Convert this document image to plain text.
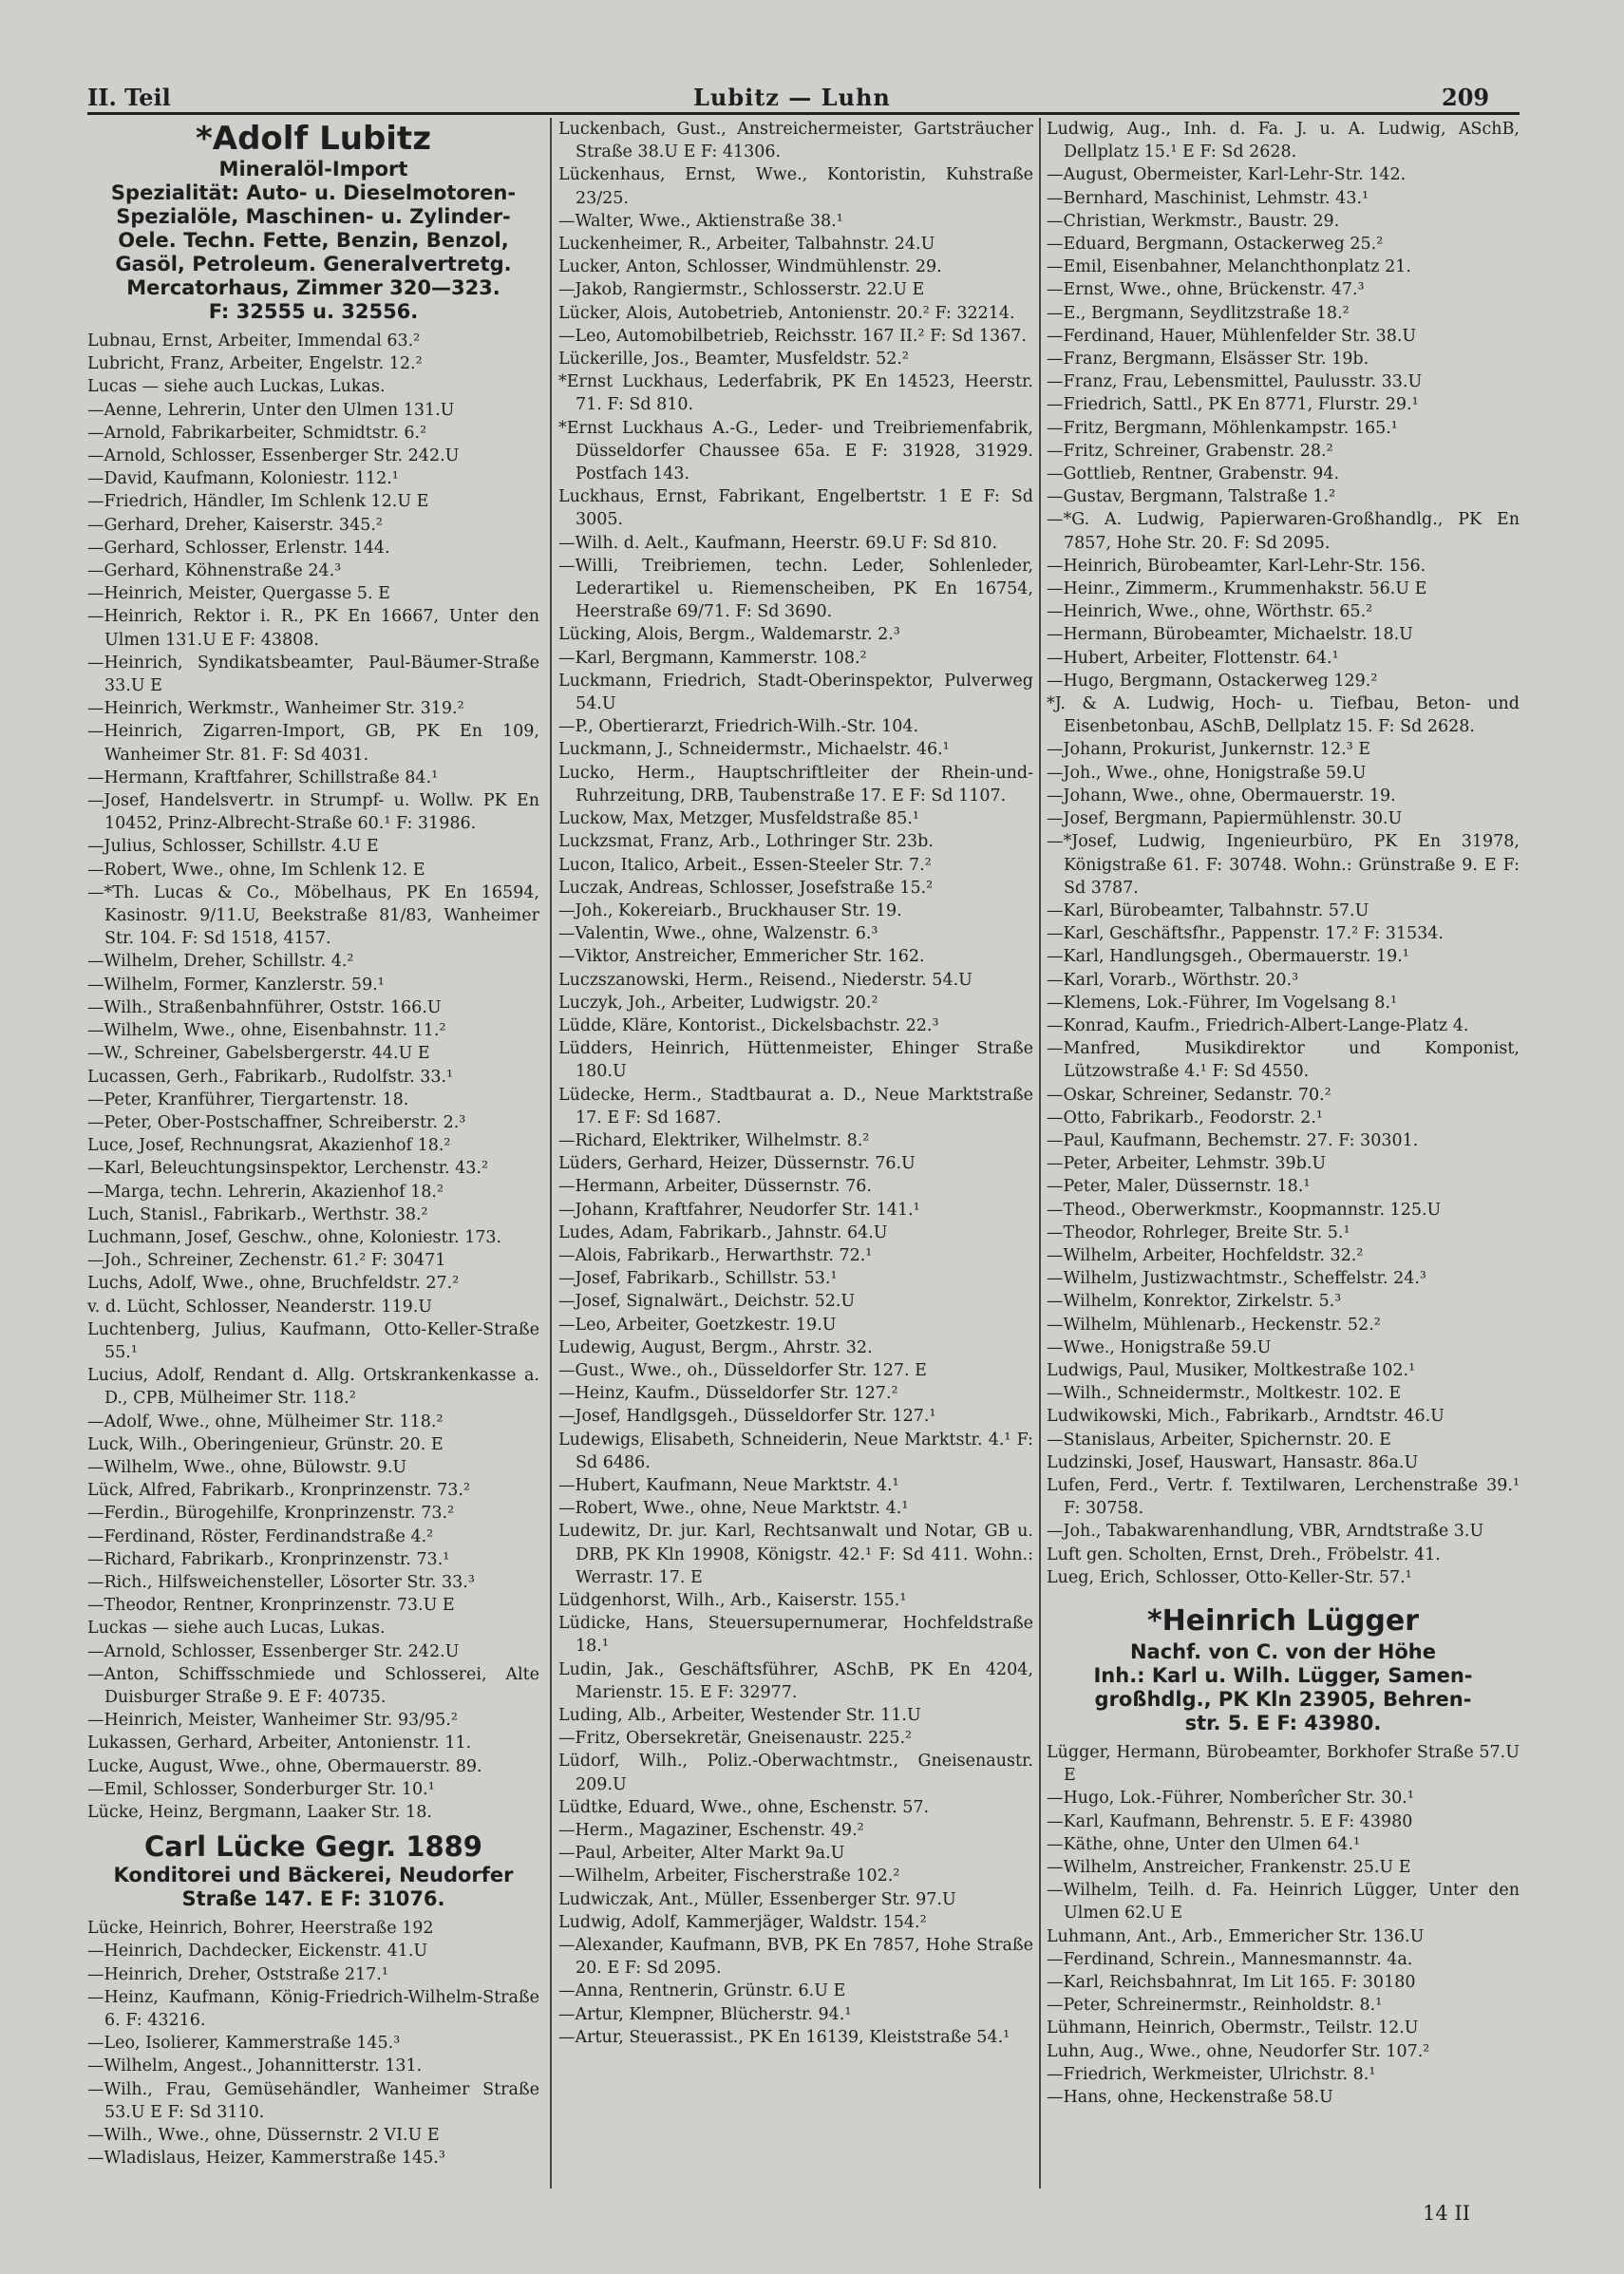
II. Teil	Lubitz — Luhn	209
*Adolf Lubitz
Mineralöl-Import
Spezialität: Auto- u. Dieselmotoren-
Spezialöle, Maschinen- u. Zylinder-
Oele. Techn. Fette, Benzin, Benzol,
Gasöl, Petroleum. Generalvertretg.
Mercatorhaus, Zimmer 320—323.
F: 32555 u. 32556.

Lubnau, Ernst, Arbeiter, Immendal 63.²

Lubricht, Franz, Arbeiter, Engelstr. 12.²

Lucas — siehe auch Luckas, Lukas.

—Aenne, Lehrerin, Unter den Ulmen 131.U

—Arnold, Fabrikarbeiter, Schmidtstr. 6.²

—Arnold, Schlosser, Essenberger Str. 242.U

—David, Kaufmann, Koloniestr. 112.¹

—Friedrich, Händler, Im Schlenk 12.U E

—Gerhard, Dreher, Kaiserstr. 345.²

—Gerhard, Schlosser, Erlenstr. 144.

—Gerhard, Köhnenstraße 24.³

—Heinrich, Meister, Quergasse 5. E

—Heinrich, Rektor i. R., PK En 16667, Unter den Ulmen 131.U E F: 43808.

—Heinrich, Syndikatsbeamter, Paul-Bäumer-Straße 33.U E

—Heinrich, Werkmstr., Wanheimer Str. 319.²

—Heinrich, Zigarren-Import, GB, PK En 109, Wanheimer Str. 81. F: Sd 4031.

—Hermann, Kraftfahrer, Schillstraße 84.¹

—Josef, Handelsvertr. in Strumpf- u. Wollw. PK En 10452, Prinz-Albrecht-Straße 60.¹ F: 31986.

—Julius, Schlosser, Schillstr. 4.U E

—Robert, Wwe., ohne, Im Schlenk 12. E

—*Th. Lucas & Co., Möbelhaus, PK En 16594, Kasinostr. 9/11.U, Beekstraße 81/83, Wanheimer Str. 104. F: Sd 1518, 4157.

—Wilhelm, Dreher, Schillstr. 4.²

—Wilhelm, Former, Kanzlerstr. 59.¹

—Wilh., Straßenbahnführer, Oststr. 166.U

—Wilhelm, Wwe., ohne, Eisenbahnstr. 11.²

—W., Schreiner, Gabelsbergerstr. 44.U E

Lucassen, Gerh., Fabrikarb., Rudolfstr. 33.¹

—Peter, Kranführer, Tiergartenstr. 18.

—Peter, Ober-Postschaffner, Schreiberstr. 2.³

Luce, Josef, Rechnungsrat, Akazienhof 18.²

—Karl, Beleuchtungsinspektor, Lerchenstr. 43.²

—Marga, techn. Lehrerin, Akazienhof 18.²

Luch, Stanisl., Fabrikarb., Werthstr. 38.²

Luchmann, Josef, Geschw., ohne, Koloniestr. 173.

—Joh., Schreiner, Zechenstr. 61.² F: 30471

Luchs, Adolf, Wwe., ohne, Bruchfeldstr. 27.²

v. d. Lücht, Schlosser, Neanderstr. 119.U

Luchtenberg, Julius, Kaufmann, Otto-Keller-Straße 55.¹

Lucius, Adolf, Rendant d. Allg. Ortskrankenkasse a. D., CPB, Mülheimer Str. 118.²

—Adolf, Wwe., ohne, Mülheimer Str. 118.²

Luck, Wilh., Oberingenieur, Grünstr. 20. E

—Wilhelm, Wwe., ohne, Bülowstr. 9.U

Lück, Alfred, Fabrikarb., Kronprinzenstr. 73.²

—Ferdin., Bürogehilfe, Kronprinzenstr. 73.²

—Ferdinand, Röster, Ferdinandstraße 4.²

—Richard, Fabrikarb., Kronprinzenstr. 73.¹

—Rich., Hilfsweichensteller, Lösorter Str. 33.³

—Theodor, Rentner, Kronprinzenstr. 73.U E

Luckas — siehe auch Lucas, Lukas.

—Arnold, Schlosser, Essenberger Str. 242.U

—Anton, Schiffsschmiede und Schlosserei, Alte Duisburger Straße 9. E F: 40735.

—Heinrich, Meister, Wanheimer Str. 93/95.²

Lukassen, Gerhard, Arbeiter, Antonienstr. 11.

Lucke, August, Wwe., ohne, Obermauerstr. 89.

—Emil, Schlosser, Sonderburger Str. 10.¹

Lücke, Heinz, Bergmann, Laaker Str. 18.

Carl Lücke Gegr. 1889
Konditorei und Bäckerei, Neudorfer
Straße 147. E F: 31076.

Lücke, Heinrich, Bohrer, Heerstraße 192

—Heinrich, Dachdecker, Eickenstr. 41.U

—Heinrich, Dreher, Oststraße 217.¹

—Heinz, Kaufmann, König-Friedrich-Wilhelm-Straße 6. F: 43216.

—Leo, Isolierer, Kammerstraße 145.³

—Wilhelm, Angest., Johannitterstr. 131.

—Wilh., Frau, Gemüsehändler, Wanheimer Straße 53.U E F: Sd 3110.

—Wilh., Wwe., ohne, Düssernstr. 2 VI.U E

—Wladislaus, Heizer, Kammerstraße 145.³

Luckenbach, Gust., Anstreichermeister, Gartsträucher Straße 38.U E F: 41306.

Lückenhaus, Ernst, Wwe., Kontoristin, Kuhstraße 23/25.

—Walter, Wwe., Aktienstraße 38.¹

Luckenheimer, R., Arbeiter, Talbahnstr. 24.U

Lucker, Anton, Schlosser, Windmühlenstr. 29.

—Jakob, Rangiermstr., Schlosserstr. 22.U E

Lücker, Alois, Autobetrieb, Antonienstr. 20.² F: 32214.

—Leo, Automobilbetrieb, Reichsstr. 167 II.² F: Sd 1367.

Lückerille, Jos., Beamter, Musfeldstr. 52.²

*Ernst Luckhaus, Lederfabrik, PK En 14523, Heerstr. 71. F: Sd 810.

*Ernst Luckhaus A.-G., Leder- und Treibriemenfabrik, Düsseldorfer Chaussee 65a. E F: 31928, 31929. Postfach 143.

Luckhaus, Ernst, Fabrikant, Engelbertstr. 1 E F: Sd 3005.

—Wilh. d. Aelt., Kaufmann, Heerstr. 69.U F: Sd 810.

—Willi, Treibriemen, techn. Leder, Sohlenleder, Lederartikel u. Riemenscheiben, PK En 16754, Heerstraße 69/71. F: Sd 3690.

Lücking, Alois, Bergm., Waldemarstr. 2.³

—Karl, Bergmann, Kammerstr. 108.²

Luckmann, Friedrich, Stadt-Oberinspektor, Pulverweg 54.U

—P., Obertierarzt, Friedrich-Wilh.-Str. 104.

Luckmann, J., Schneidermstr., Michaelstr. 46.¹

Lucko, Herm., Hauptschriftleiter der Rhein-und-Ruhrzeitung, DRB, Taubenstraße 17. E F: Sd 1107.

Luckow, Max, Metzger, Musfeldstraße 85.¹

Luckzsmat, Franz, Arb., Lothringer Str. 23b.

Lucon, Italico, Arbeit., Essen-Steeler Str. 7.²

Luczak, Andreas, Schlosser, Josefstraße 15.²

—Joh., Kokereiarb., Bruckhauser Str. 19.

—Valentin, Wwe., ohne, Walzenstr. 6.³

—Viktor, Anstreicher, Emmericher Str. 162.

Luczszanowski, Herm., Reisend., Niederstr. 54.U

Luczyk, Joh., Arbeiter, Ludwigstr. 20.²

Lüdde, Kläre, Kontorist., Dickelsbachstr. 22.³

Lüdders, Heinrich, Hüttenmeister, Ehinger Straße 180.U

Lüdecke, Herm., Stadtbaurat a. D., Neue Marktstraße 17. E F: Sd 1687.

—Richard, Elektriker, Wilhelmstr. 8.²

Lüders, Gerhard, Heizer, Düssernstr. 76.U

—Hermann, Arbeiter, Düssernstr. 76.

—Johann, Kraftfahrer, Neudorfer Str. 141.¹

Ludes, Adam, Fabrikarb., Jahnstr. 64.U

—Alois, Fabrikarb., Herwarthstr. 72.¹

—Josef, Fabrikarb., Schillstr. 53.¹

—Josef, Signalwärt., Deichstr. 52.U

—Leo, Arbeiter, Goetzkestr. 19.U

Ludewig, August, Bergm., Ahrstr. 32.

—Gust., Wwe., oh., Düsseldorfer Str. 127. E

—Heinz, Kaufm., Düsseldorfer Str. 127.²

—Josef, Handlgsgeh., Düsseldorfer Str. 127.¹

Ludewigs, Elisabeth, Schneiderin, Neue Marktstr. 4.¹ F: Sd 6486.

—Hubert, Kaufmann, Neue Marktstr. 4.¹

—Robert, Wwe., ohne, Neue Marktstr. 4.¹

Ludewitz, Dr. jur. Karl, Rechtsanwalt und Notar, GB u. DRB, PK Kln 19908, Königstr. 42.¹ F: Sd 411. Wohn.: Werrastr. 17. E

Lüdgenhorst, Wilh., Arb., Kaiserstr. 155.¹

Lüdicke, Hans, Steuersupernumerar, Hochfeldstraße 18.¹

Ludin, Jak., Geschäftsführer, ASchB, PK En 4204, Marienstr. 15. E F: 32977.

Luding, Alb., Arbeiter, Westender Str. 11.U

—Fritz, Obersekretär, Gneisenaustr. 225.²

Lüdorf, Wilh., Poliz.-Oberwachtmstr., Gneisenaustr. 209.U

Lüdtke, Eduard, Wwe., ohne, Eschenstr. 57.

—Herm., Magaziner, Eschenstr. 49.²

—Paul, Arbeiter, Alter Markt 9a.U

—Wilhelm, Arbeiter, Fischerstraße 102.²

Ludwiczak, Ant., Müller, Essenberger Str. 97.U

Ludwig, Adolf, Kammerjäger, Waldstr. 154.²

—Alexander, Kaufmann, BVB, PK En 7857, Hohe Straße 20. E F: Sd 2095.

—Anna, Rentnerin, Grünstr. 6.U E

—Artur, Klempner, Blücherstr. 94.¹

—Artur, Steuerassist., PK En 16139, Kleiststraße 54.¹

Ludwig, Aug., Inh. d. Fa. J. u. A. Ludwig, ASchB, Dellplatz 15.¹ E F: Sd 2628.

—August, Obermeister, Karl-Lehr-Str. 142.

—Bernhard, Maschinist, Lehmstr. 43.¹

—Christian, Werkmstr., Baustr. 29.

—Eduard, Bergmann, Ostackerweg 25.²

—Emil, Eisenbahner, Melanchthonplatz 21.

—Ernst, Wwe., ohne, Brückenstr. 47.³

—E., Bergmann, Seydlitzstraße 18.²

—Ferdinand, Hauer, Mühlenfelder Str. 38.U

—Franz, Bergmann, Elsässer Str. 19b.

—Franz, Frau, Lebensmittel, Paulusstr. 33.U

—Friedrich, Sattl., PK En 8771, Flurstr. 29.¹

—Fritz, Bergmann, Möhlenkampstr. 165.¹

—Fritz, Schreiner, Grabenstr. 28.²

—Gottlieb, Rentner, Grabenstr. 94.

—Gustav, Bergmann, Talstraße 1.²

—*G. A. Ludwig, Papierwaren-Großhandlg., PK En 7857, Hohe Str. 20. F: Sd 2095.

—Heinrich, Bürobeamter, Karl-Lehr-Str. 156.

—Heinr., Zimmerm., Krummenhakstr. 56.U E

—Heinrich, Wwe., ohne, Wörthstr. 65.²

—Hermann, Bürobeamter, Michaelstr. 18.U

—Hubert, Arbeiter, Flottenstr. 64.¹

—Hugo, Bergmann, Ostackerweg 129.²

*J. & A. Ludwig, Hoch- u. Tiefbau, Beton- und Eisenbetonbau, ASchB, Dellplatz 15. F: Sd 2628.

—Johann, Prokurist, Junkernstr. 12.³ E

—Joh., Wwe., ohne, Honigstraße 59.U

—Johann, Wwe., ohne, Obermauerstr. 19.

—Josef, Bergmann, Papiermühlenstr. 30.U

—*Josef, Ludwig, Ingenieurbüro, PK En 31978, Königstraße 61. F: 30748. Wohn.: Grünstraße 9. E F: Sd 3787.

—Karl, Bürobeamter, Talbahnstr. 57.U

—Karl, Geschäftsfhr., Pappenstr. 17.² F: 31534.

—Karl, Handlungsgeh., Obermauerstr. 19.¹

—Karl, Vorarb., Wörthstr. 20.³

—Klemens, Lok.-Führer, Im Vogelsang 8.¹

—Konrad, Kaufm., Friedrich-Albert-Lange-Platz 4.

—Manfred, Musikdirektor und Komponist, Lützowstraße 4.¹ F: Sd 4550.

—Oskar, Schreiner, Sedanstr. 70.²

—Otto, Fabrikarb., Feodorstr. 2.¹

—Paul, Kaufmann, Bechemstr. 27. F: 30301.

—Peter, Arbeiter, Lehmstr. 39b.U

—Peter, Maler, Düssernstr. 18.¹

—Theod., Oberwerkmstr., Koopmannstr. 125.U

—Theodor, Rohrleger, Breite Str. 5.¹

—Wilhelm, Arbeiter, Hochfeldstr. 32.²

—Wilhelm, Justizwachtmstr., Scheffelstr. 24.³

—Wilhelm, Konrektor, Zirkelstr. 5.³

—Wilhelm, Mühlenarb., Heckenstr. 52.²

—Wwe., Honigstraße 59.U

Ludwigs, Paul, Musiker, Moltkestraße 102.¹

—Wilh., Schneidermstr., Moltkestr. 102. E

Ludwikowski, Mich., Fabrikarb., Arndtstr. 46.U

—Stanislaus, Arbeiter, Spichernstr. 20. E

Ludzinski, Josef, Hauswart, Hansastr. 86a.U

Lufen, Ferd., Vertr. f. Textilwaren, Lerchenstraße 39.¹ F: 30758.

—Joh., Tabakwarenhandlung, VBR, Arndtstraße 3.U

Luft gen. Scholten, Ernst, Dreh., Fröbelstr. 41.

Lueg, Erich, Schlosser, Otto-Keller-Str. 57.¹

*Heinrich Lügger
Nachf. von C. von der Höhe
Inh.: Karl u. Wilh. Lügger, Samen-
großhdlg., PK Kln 23905, Behren-
str. 5. E F: 43980.

Lügger, Hermann, Bürobeamter, Borkhofer Straße 57.U E

—Hugo, Lok.-Führer, Nomberîcher Str. 30.¹

—Karl, Kaufmann, Behrenstr. 5. E F: 43980

—Käthe, ohne, Unter den Ulmen 64.¹

—Wilhelm, Anstreicher, Frankenstr. 25.U E

—Wilhelm, Teilh. d. Fa. Heinrich Lügger, Unter den Ulmen 62.U E

Luhmann, Ant., Arb., Emmericher Str. 136.U

—Ferdinand, Schrein., Mannesmannstr. 4a.

—Karl, Reichsbahnrat, Im Lit 165. F: 30180

—Peter, Schreinermstr., Reinholdstr. 8.¹

Lühmann, Heinrich, Obermstr., Teilstr. 12.U

Luhn, Aug., Wwe., ohne, Neudorfer Str. 107.²

—Friedrich, Werkmeister, Ulrichstr. 8.¹

—Hans, ohne, Heckenstraße 58.U

14 II
